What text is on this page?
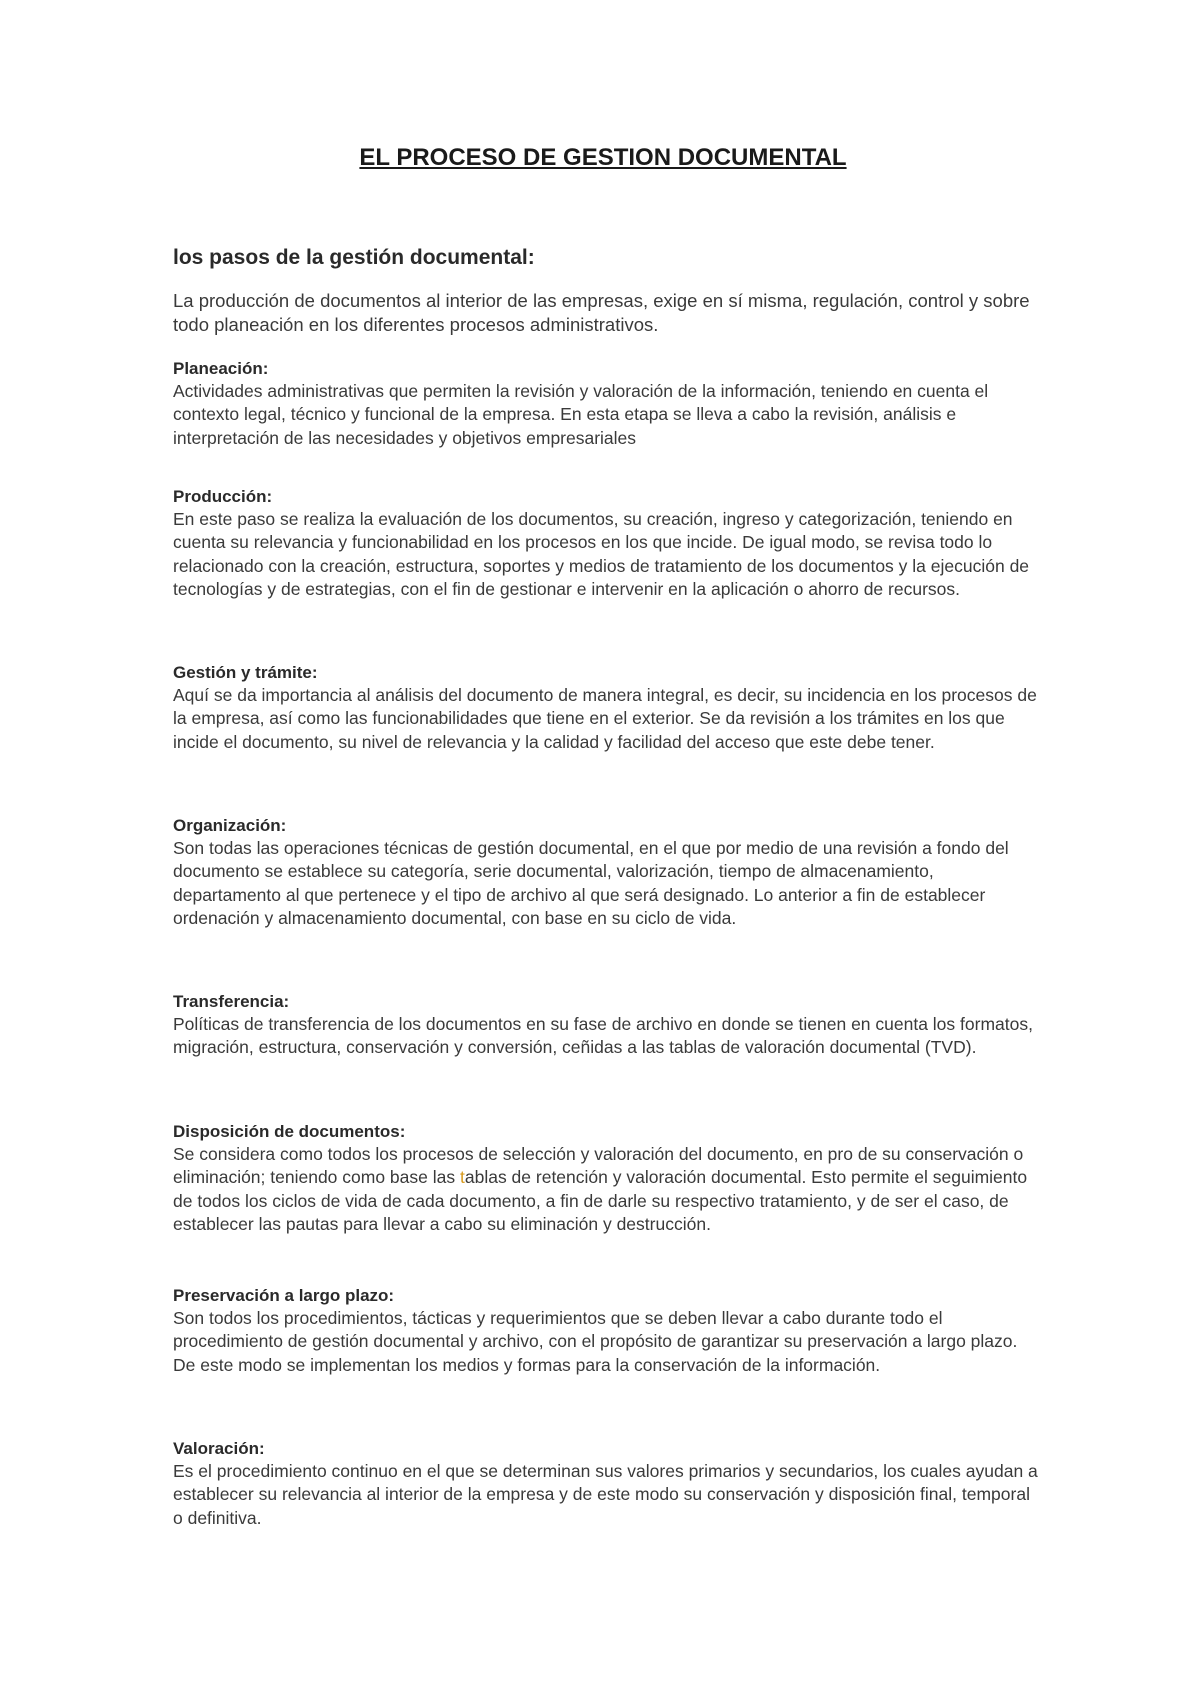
EL PROCESO DE GESTION DOCUMENTAL
los pasos de la gestión documental:

La producción de documentos al interior de las empresas, exige en sí misma, regulación, control y sobre todo planeación en los diferentes procesos administrativos.

Planeación:

Actividades administrativas que permiten la revisión y valoración de la información, teniendo en cuenta el contexto legal, técnico y funcional de la empresa. En esta etapa se lleva a cabo la revisión, análisis e interpretación de las necesidades y objetivos empresariales

Producción:

En este paso se realiza la evaluación de los documentos, su creación, ingreso y categorización, teniendo en cuenta su relevancia y funcionabilidad en los procesos en los que incide. De igual modo, se revisa todo lo relacionado con la creación, estructura, soportes y medios de tratamiento de los documentos y la ejecución de tecnologías y de estrategias, con el fin de gestionar e intervenir en la aplicación o ahorro de recursos.

Gestión y trámite:

Aquí se da importancia al análisis del documento de manera integral, es decir, su incidencia en los procesos de la empresa, así como las funcionabilidades que tiene en el exterior. Se da revisión a los trámites en los que incide el documento, su nivel de relevancia y la calidad y facilidad del acceso que este debe tener.

Organización:

Son todas las operaciones técnicas de gestión documental, en el que por medio de una revisión a fondo del documento se establece su categoría, serie documental, valorización, tiempo de almacenamiento, departamento al que pertenece y el tipo de archivo al que será designado. Lo anterior a fin de establecer ordenación y almacenamiento documental, con base en su ciclo de vida.

Transferencia:

Políticas de transferencia de los documentos en su fase de archivo en donde se tienen en cuenta los formatos, migración, estructura, conservación y conversión, ceñidas a las tablas de valoración documental (TVD).

Disposición de documentos:

Se considera como todos los procesos de selección y valoración del documento, en pro de su conservación o eliminación; teniendo como base las tablas de retención y valoración documental. Esto permite el seguimiento de todos los ciclos de vida de cada documento, a fin de darle su respectivo tratamiento, y de ser el caso, de establecer las pautas para llevar a cabo su eliminación y destrucción.

Preservación a largo plazo:

Son todos los procedimientos, tácticas y requerimientos que se deben llevar a cabo durante todo el procedimiento de gestión documental y archivo, con el propósito de garantizar su preservación a largo plazo. De este modo se implementan los medios y formas para la conservación de la información.

Valoración:

Es el procedimiento continuo en el que se determinan sus valores primarios y secundarios, los cuales ayudan a establecer su relevancia al interior de la empresa y de este modo su conservación y disposición final, temporal o definitiva.
